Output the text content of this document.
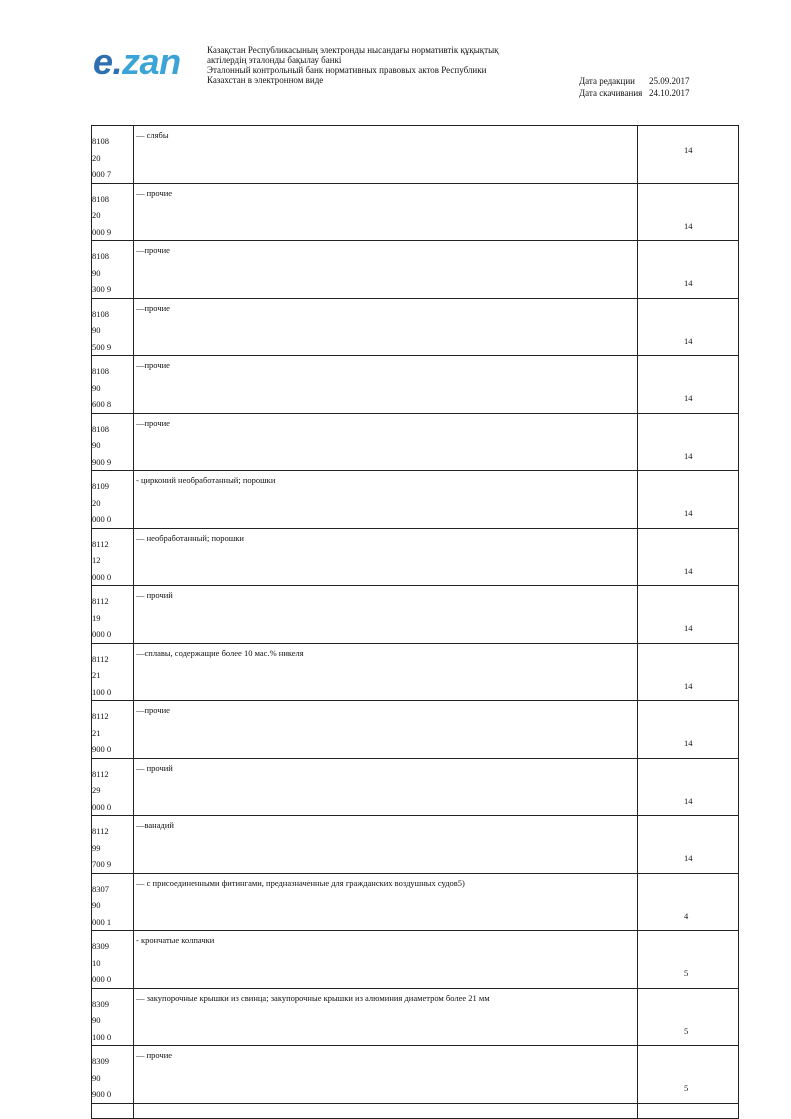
e.zan	Казақстан Республикасының электронды нысандағы нормативтік құқықтық
актілердің эталонды бақылау банкі
Эталонный контрольный банк нормативных правовых актов Республики
Казахстан в электронном виде	Дата редакции 25.09.2017
Дата скачивания 24.10.2017
8108
20
000 7	— слябы	14

8108
20
000 9	— прочие	14

8108
90
300 9	—прочие	14

8108
90
500 9	—прочие	14

8108
90
600 8	—прочие	14

8108
90
900 9	—прочие	14

8109
20
000 0	- цирконий необработанный; порошки	14

8112
12
000 0	— необработанный; порошки	14

8112
19
000 0	— прочий	14

8112
21
100 0	—сплавы, содержащие более 10 мас.% никеля	14

8112
21
900 0	—прочие	14

8112
29
000 0	— прочий	14

8112
99
700 9	—ванадий	14

8307
90
000 1	— с присоединенными фитингами, предназначенные для гражданских воздушных судов5)	4

8309
10
000 0	- крончатые колпачки	5

8309
90
100 0	— закупорочные крышки из свинца; закупорочные крышки из алюминия диаметром более 21 мм	5

8309
90
900 0	— прочие	5
